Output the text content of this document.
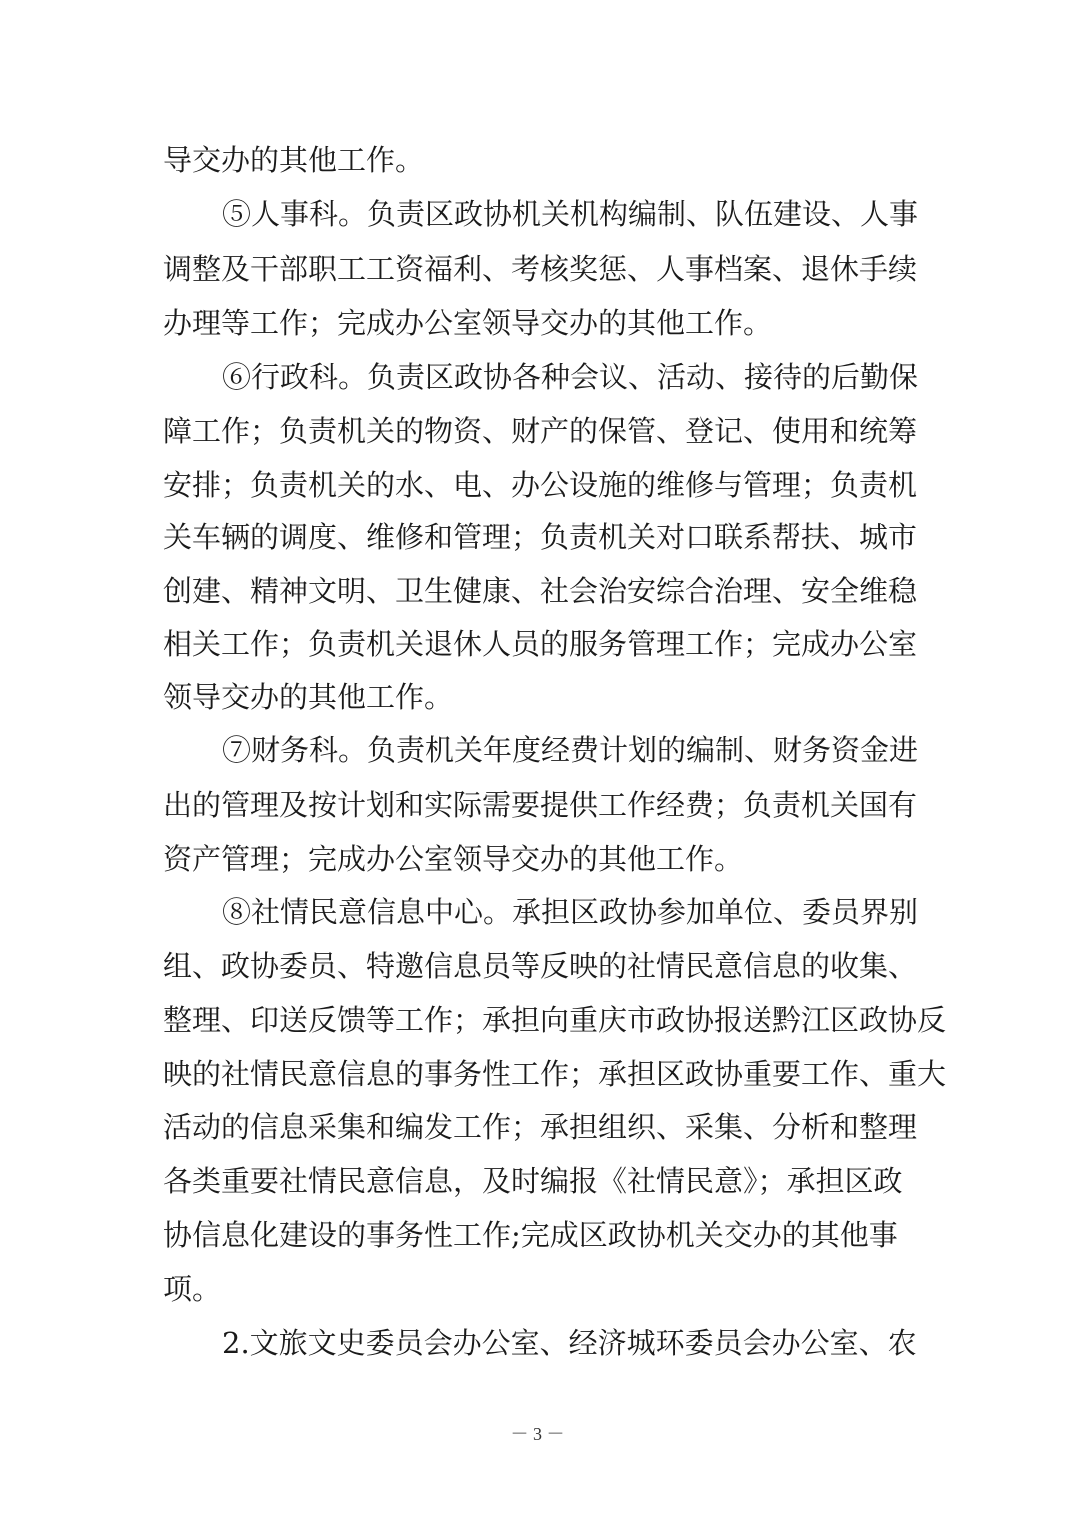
导交办的其他工作。
⑤人事科。负责区政协机关机构编制、队伍建设、人事
调整及干部职工工资福利、考核奖惩、人事档案、退休手续
办理等工作；完成办公室领导交办的其他工作。
⑥行政科。负责区政协各种会议、活动、接待的后勤保
障工作；负责机关的物资、财产的保管、登记、使用和统筹
安排；负责机关的水、电、办公设施的维修与管理；负责机
关车辆的调度、维修和管理；负责机关对口联系帮扶、城市
创建、精神文明、卫生健康、社会治安综合治理、安全维稳
相关工作；负责机关退休人员的服务管理工作；完成办公室
领导交办的其他工作。
⑦财务科。负责机关年度经费计划的编制、财务资金进
出的管理及按计划和实际需要提供工作经费；负责机关国有
资产管理；完成办公室领导交办的其他工作。
⑧社情民意信息中心。承担区政协参加单位、委员界别
组、政协委员、特邀信息员等反映的社情民意信息的收集、
整理、印送反馈等工作；承担向重庆市政协报送黔江区政协反
映的社情民意信息的事务性工作；承担区政协重要工作、重大
活动的信息采集和编发工作；承担组织、采集、分析和整理
各类重要社情民意信息，及时编报《社情民意》；承担区政
协信息化建设的事务性工作;完成区政协机关交办的其他事
项。
2.文旅文史委员会办公室、经济城环委员会办公室、农
－ 3 －
